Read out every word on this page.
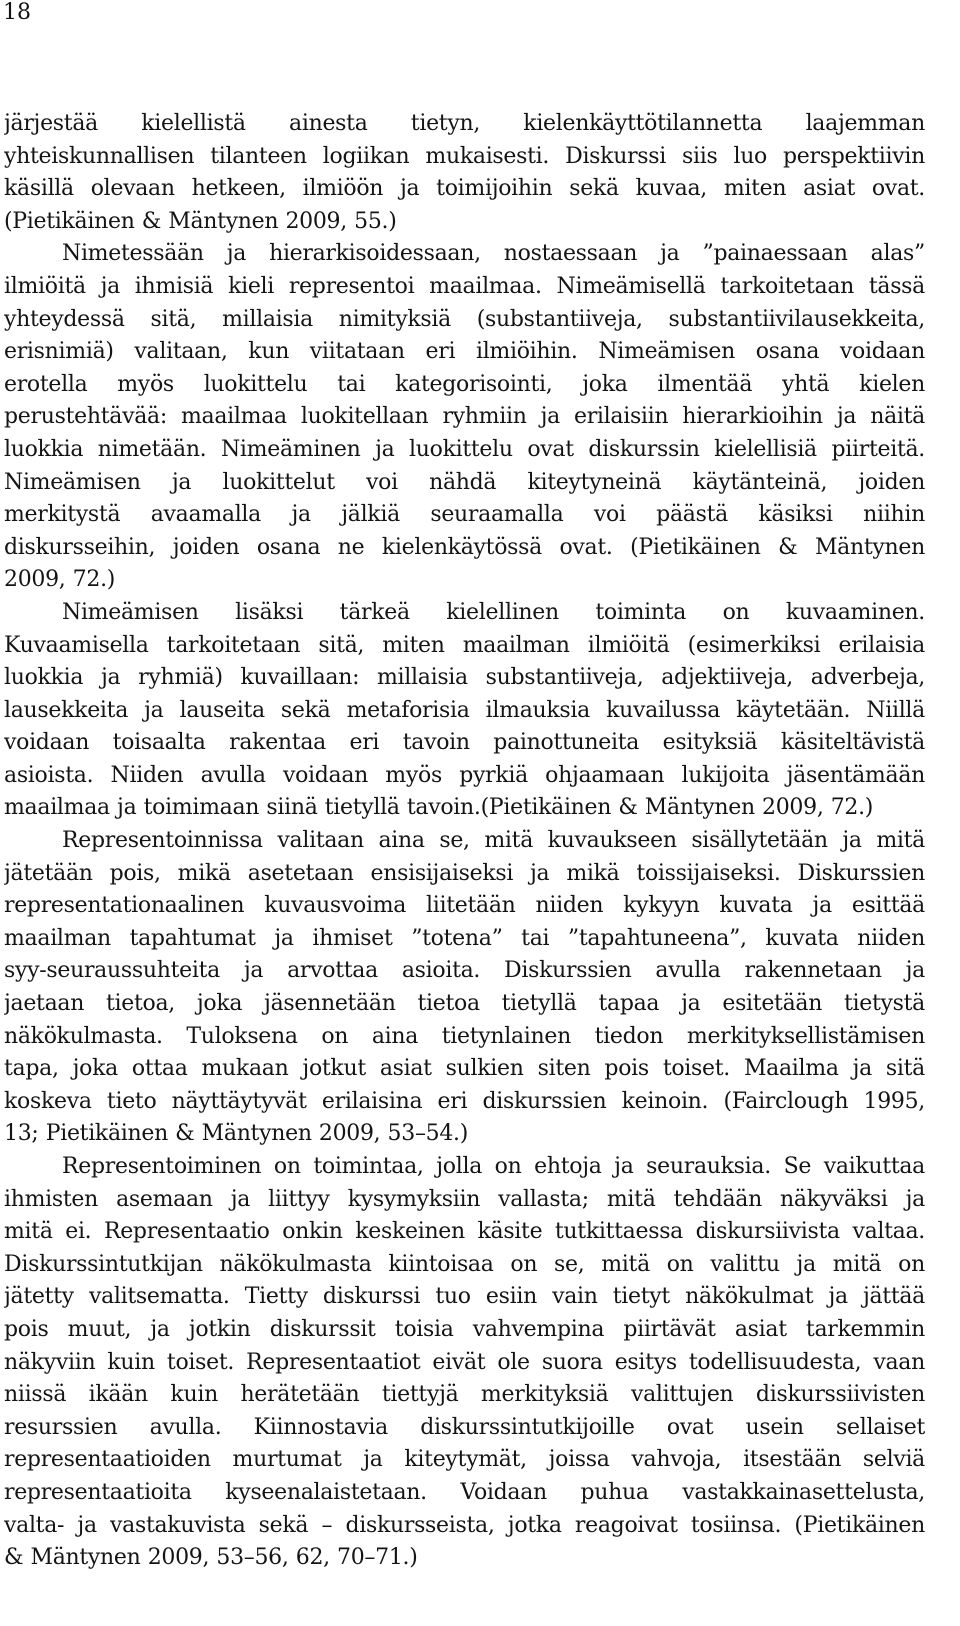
18
järjestää kielellistä ainesta tietyn, kielenkäyttötilannetta laajemman
yhteiskunnallisen tilanteen logiikan mukaisesti. Diskurssi siis luo perspektiivin
käsillä olevaan hetkeen, ilmiöön ja toimijoihin sekä kuvaa, miten asiat ovat.
(Pietikäinen & Mäntynen 2009, 55.)
Nimetessään ja hierarkisoidessaan, nostaessaan ja ”painaessaan alas”
ilmiöitä ja ihmisiä kieli representoi maailmaa. Nimeämisellä tarkoitetaan tässä
yhteydessä sitä, millaisia nimityksiä (substantiiveja, substantiivilausekkeita,
erisnimiä) valitaan, kun viitataan eri ilmiöihin. Nimeämisen osana voidaan
erotella myös luokittelu tai kategorisointi, joka ilmentää yhtä kielen
perustehtävää: maailmaa luokitellaan ryhmiin ja erilaisiin hierarkioihin ja näitä
luokkia nimetään. Nimeäminen ja luokittelu ovat diskurssin kielellisiä piirteitä.
Nimeämisen ja luokittelut voi nähdä kiteytyneinä käytänteinä, joiden
merkitystä avaamalla ja jälkiä seuraamalla voi päästä käsiksi niihin
diskursseihin, joiden osana ne kielenkäytössä ovat. (Pietikäinen & Mäntynen
2009, 72.)
Nimeämisen lisäksi tärkeä kielellinen toiminta on kuvaaminen.
Kuvaamisella tarkoitetaan sitä, miten maailman ilmiöitä (esimerkiksi erilaisia
luokkia ja ryhmiä) kuvaillaan: millaisia substantiiveja, adjektiiveja, adverbeja,
lausekkeita ja lauseita sekä metaforisia ilmauksia kuvailussa käytetään. Niillä
voidaan toisaalta rakentaa eri tavoin painottuneita esityksiä käsiteltävistä
asioista. Niiden avulla voidaan myös pyrkiä ohjaamaan lukijoita jäsentämään
maailmaa ja toimimaan siinä tietyllä tavoin.(Pietikäinen & Mäntynen 2009, 72.)
Representoinnissa valitaan aina se, mitä kuvaukseen sisällytetään ja mitä
jätetään pois, mikä asetetaan ensisijaiseksi ja mikä toissijaiseksi. Diskurssien
representationaalinen kuvausvoima liitetään niiden kykyyn kuvata ja esittää
maailman tapahtumat ja ihmiset ”totena” tai ”tapahtuneena”, kuvata niiden
syy-seuraussuhteita ja arvottaa asioita. Diskurssien avulla rakennetaan ja
jaetaan tietoa, joka jäsennetään tietoa tietyllä tapaa ja esitetään tietystä
näkökulmasta. Tuloksena on aina tietynlainen tiedon merkityksellistämisen
tapa, joka ottaa mukaan jotkut asiat sulkien siten pois toiset. Maailma ja sitä
koskeva tieto näyttäytyvät erilaisina eri diskurssien keinoin. (Fairclough 1995,
13; Pietikäinen & Mäntynen 2009, 53–54.)
Representoiminen on toimintaa, jolla on ehtoja ja seurauksia. Se vaikuttaa
ihmisten asemaan ja liittyy kysymyksiin vallasta; mitä tehdään näkyväksi ja
mitä ei. Representaatio onkin keskeinen käsite tutkittaessa diskursiivista valtaa.
Diskurssintutkijan näkökulmasta kiintoisaa on se, mitä on valittu ja mitä on
jätetty valitsematta. Tietty diskurssi tuo esiin vain tietyt näkökulmat ja jättää
pois muut, ja jotkin diskurssit toisia vahvempina piirtävät asiat tarkemmin
näkyviin kuin toiset. Representaatiot eivät ole suora esitys todellisuudesta, vaan
niissä ikään kuin herätetään tiettyjä merkityksiä valittujen diskurssiivisten
resurssien avulla. Kiinnostavia diskurssintutkijoille ovat usein sellaiset
representaatioiden murtumat ja kiteytymät, joissa vahvoja, itsestään selviä
representaatioita kyseenalaistetaan. Voidaan puhua vastakkainasettelusta,
valta- ja vastakuvista sekä – diskursseista, jotka reagoivat tosiinsa. (Pietikäinen
& Mäntynen 2009, 53–56, 62, 70–71.)
